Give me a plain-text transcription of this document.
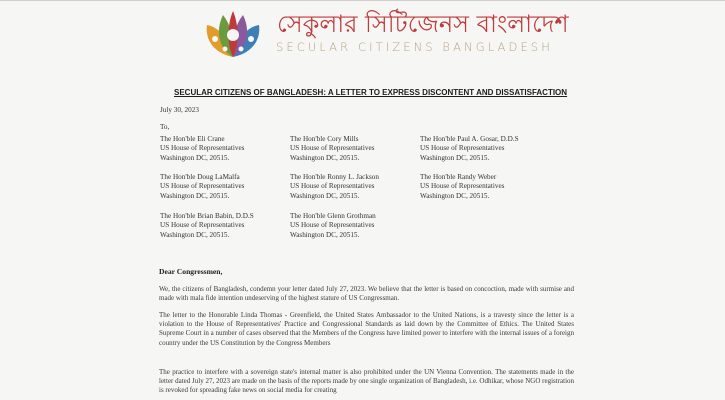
সেকুলার সিটিজেনস বাংলাদেশ
SECULAR CITIZENS BANGLADESH
SECULAR CITIZENS OF BANGLADESH: A LETTER TO EXPRESS DISCONTENT AND DISSATISFACTION
July 30, 2023
To,
The Hon'ble Eli Crane
US House of Representatives
Washington DC, 20515.
The Hon'ble Cory Mills
US House of Representatives
Washington DC, 20515.
The Hon'ble Paul A. Gosar, D.D.S
US House of Representatives
Washington DC, 20515.
The Hon'ble Doug LaMalfa
US House of Representatives
Washington DC, 20515.
The Hon'ble Ronny L. Jackson
US House of Representatives
Washington DC, 20515.
The Hon'ble Randy Weber
US House of Representatives
Washington DC, 20515.
The Hon'ble Brian Babin, D.D.S
US House of Representatives
Washington DC, 20515.
The Hon'ble Glenn Grothman
US House of Representatives
Washington DC, 20515.
Dear Congressmen,
We, the citizens of Bangladesh, condemn your letter dated July 27, 2023. We believe that the letter is based on concoction, made with surmise and made with mala fide intention undeserving of the highest stature of US Congressman.
The letter to the Honorable Linda Thomas - Greenfield, the United States Ambassador to the United Nations, is a travesty since the letter is a violation to the House of Representatives' Practice and Congressional Standards as laid down by the Committee of Ethics. The United States Supreme Court in a number of cases observed that the Members of the Congress have limited power to interfere with the internal issues of a foreign country under the US Constitution by the Congress Members
The practice to interfere with a sovereign state's internal matter is also prohibited under the UN Vienna Convention. The statements made in the letter dated July 27, 2023 are made on the basis of the reports made by one single organization of Bangladesh, i.e. Odhikar, whose NGO registration is revoked for spreading fake news on social media for creating
